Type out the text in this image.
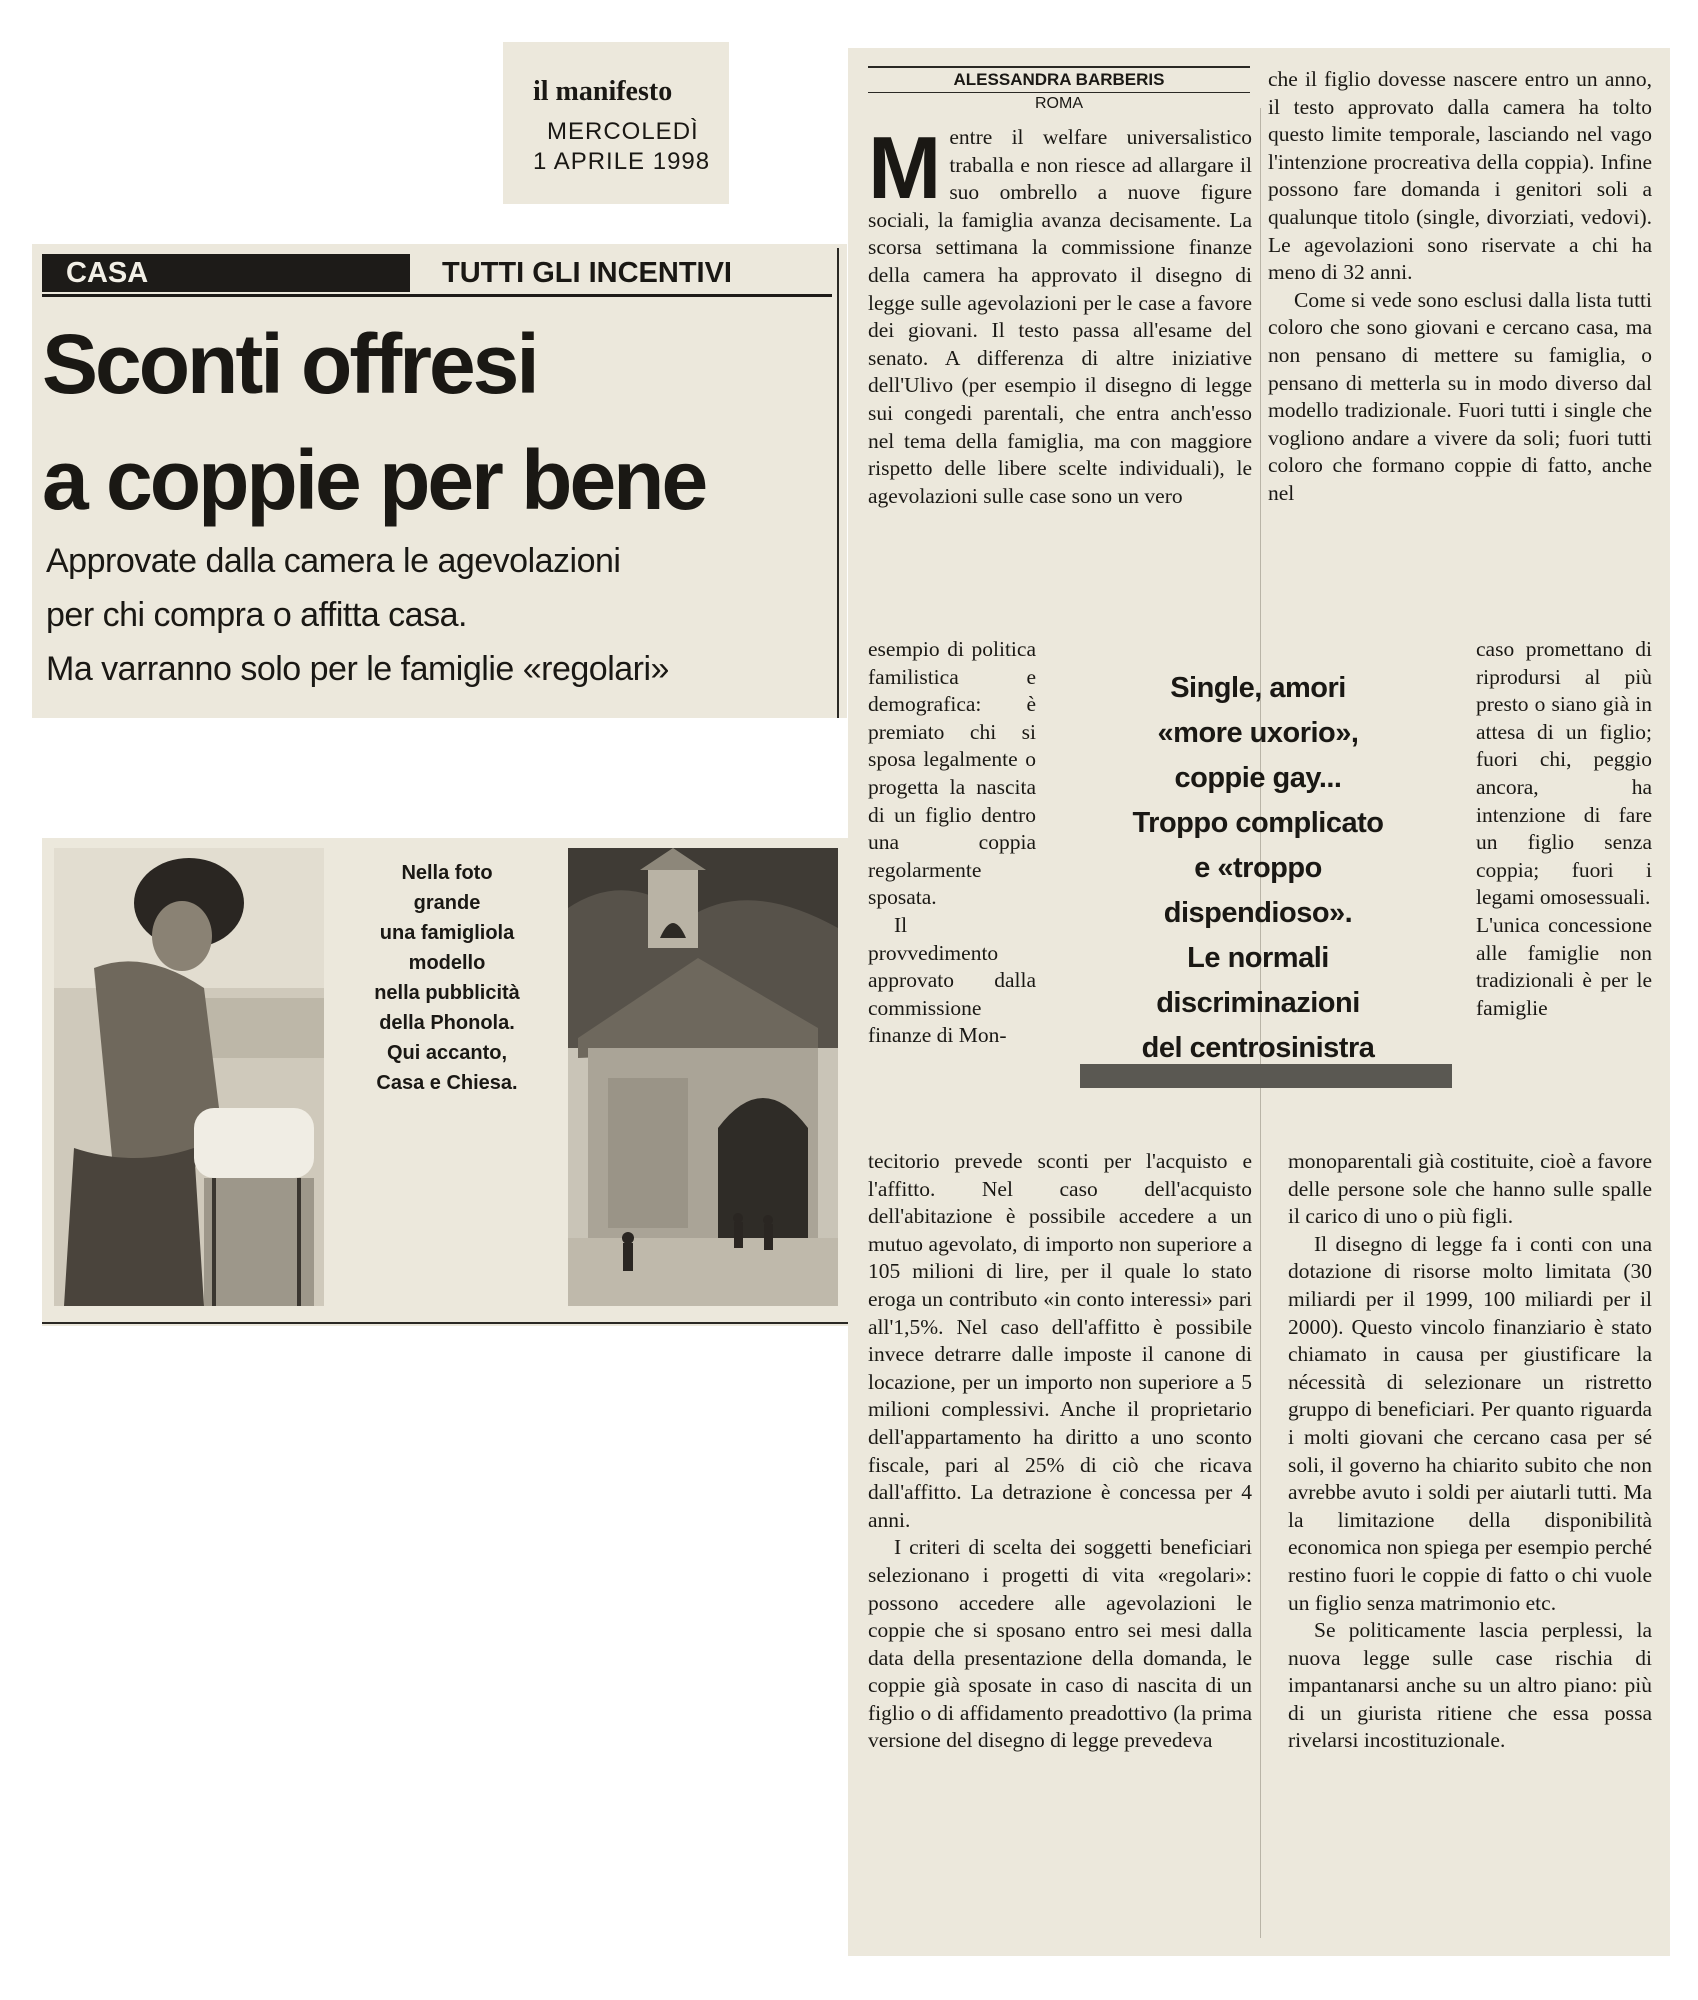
il manifesto
MERCOLEDÌ
1 APRILE 1998
CASA	TUTTI GLI INCENTIVI
Sconti offresi
a coppie per bene
Approvate dalla camera le agevolazioni
per chi compra o affitta casa.
Ma varranno solo per le famiglie «regolari»
Nella foto
grande
una famigliola
modello
nella pubblicità
della Phonola.
Qui accanto,
Casa e Chiesa.
ALESSANDRA BARBERIS
ROMA

Mentre il welfare universalistico traballa e non riesce ad allargare il suo ombrello a nuove figure sociali, la famiglia avanza decisamente. La scorsa settimana la commissione finanze della camera ha approvato il disegno di legge sulle agevolazioni per le case a favore dei giovani. Il testo passa all'esame del senato. A differenza di altre iniziative dell'Ulivo (per esempio il disegno di legge sui congedi parentali, che entra anch'esso nel tema della famiglia, ma con maggiore rispetto delle libere scelte individuali), le agevolazioni sulle case sono un vero

esempio di politica familistica e demografica: è premiato chi si sposa legalmente o progetta la nascita di un figlio dentro una coppia regolarmente sposata.

Il provvedimento approvato dalla commissione finanze di Mon-

Single, amori
«more uxorio»,
coppie gay...
Troppo complicato
e «troppo
dispendioso».
Le normali
discriminazioni
del centrosinistra

caso promettano di riprodursi al più presto o siano già in attesa di un figlio; fuori chi, peggio ancora, ha intenzione di fare un figlio senza coppia; fuori i legami omosessuali.

L'unica concessione alle famiglie non tradizionali è per le famiglie

tecitorio prevede sconti per l'acquisto e l'affitto. Nel caso dell'acquisto dell'abitazione è possibile accedere a un mutuo agevolato, di importo non superiore a 105 milioni di lire, per il quale lo stato eroga un contributo «in conto interessi» pari all'1,5%. Nel caso dell'affitto è possibile invece detrarre dalle imposte il canone di locazione, per un importo non superiore a 5 milioni complessivi. Anche il proprietario dell'appartamento ha diritto a uno sconto fiscale, pari al 25% di ciò che ricava dall'affitto. La detrazione è concessa per 4 anni.

I criteri di scelta dei soggetti beneficiari selezionano i progetti di vita «regolari»: possono accedere alle agevolazioni le coppie che si sposano entro sei mesi dalla data della presentazione della domanda, le coppie già sposate in caso di nascita di un figlio o di affidamento preadottivo (la prima versione del disegno di legge prevedeva

che il figlio dovesse nascere entro un anno, il testo approvato dalla camera ha tolto questo limite temporale, lasciando nel vago l'intenzione procreativa della coppia). Infine possono fare domanda i genitori soli a qualunque titolo (single, divorziati, vedovi). Le agevolazioni sono riservate a chi ha meno di 32 anni.

Come si vede sono esclusi dalla lista tutti coloro che sono giovani e cercano casa, ma non pensano di mettere su famiglia, o pensano di metterla su in modo diverso dal modello tradizionale. Fuori tutti i single che vogliono andare a vivere da soli; fuori tutti coloro che formano coppie di fatto, anche nel

monoparentali già costituite, cioè a favore delle persone sole che hanno sulle spalle il carico di uno o più figli.

Il disegno di legge fa i conti con una dotazione di risorse molto limitata (30 miliardi per il 1999, 100 miliardi per il 2000). Questo vincolo finanziario è stato chiamato in causa per giustificare la nécessità di selezionare un ristretto gruppo di beneficiari. Per quanto riguarda i molti giovani che cercano casa per sé soli, il governo ha chiarito subito che non avrebbe avuto i soldi per aiutarli tutti. Ma la limitazione della disponibilità economica non spiega per esempio perché restino fuori le coppie di fatto o chi vuole un figlio senza matrimonio etc.

Se politicamente lascia perplessi, la nuova legge sulle case rischia di impantanarsi anche su un altro piano: più di un giurista ritiene che essa possa rivelarsi incostituzionale.
